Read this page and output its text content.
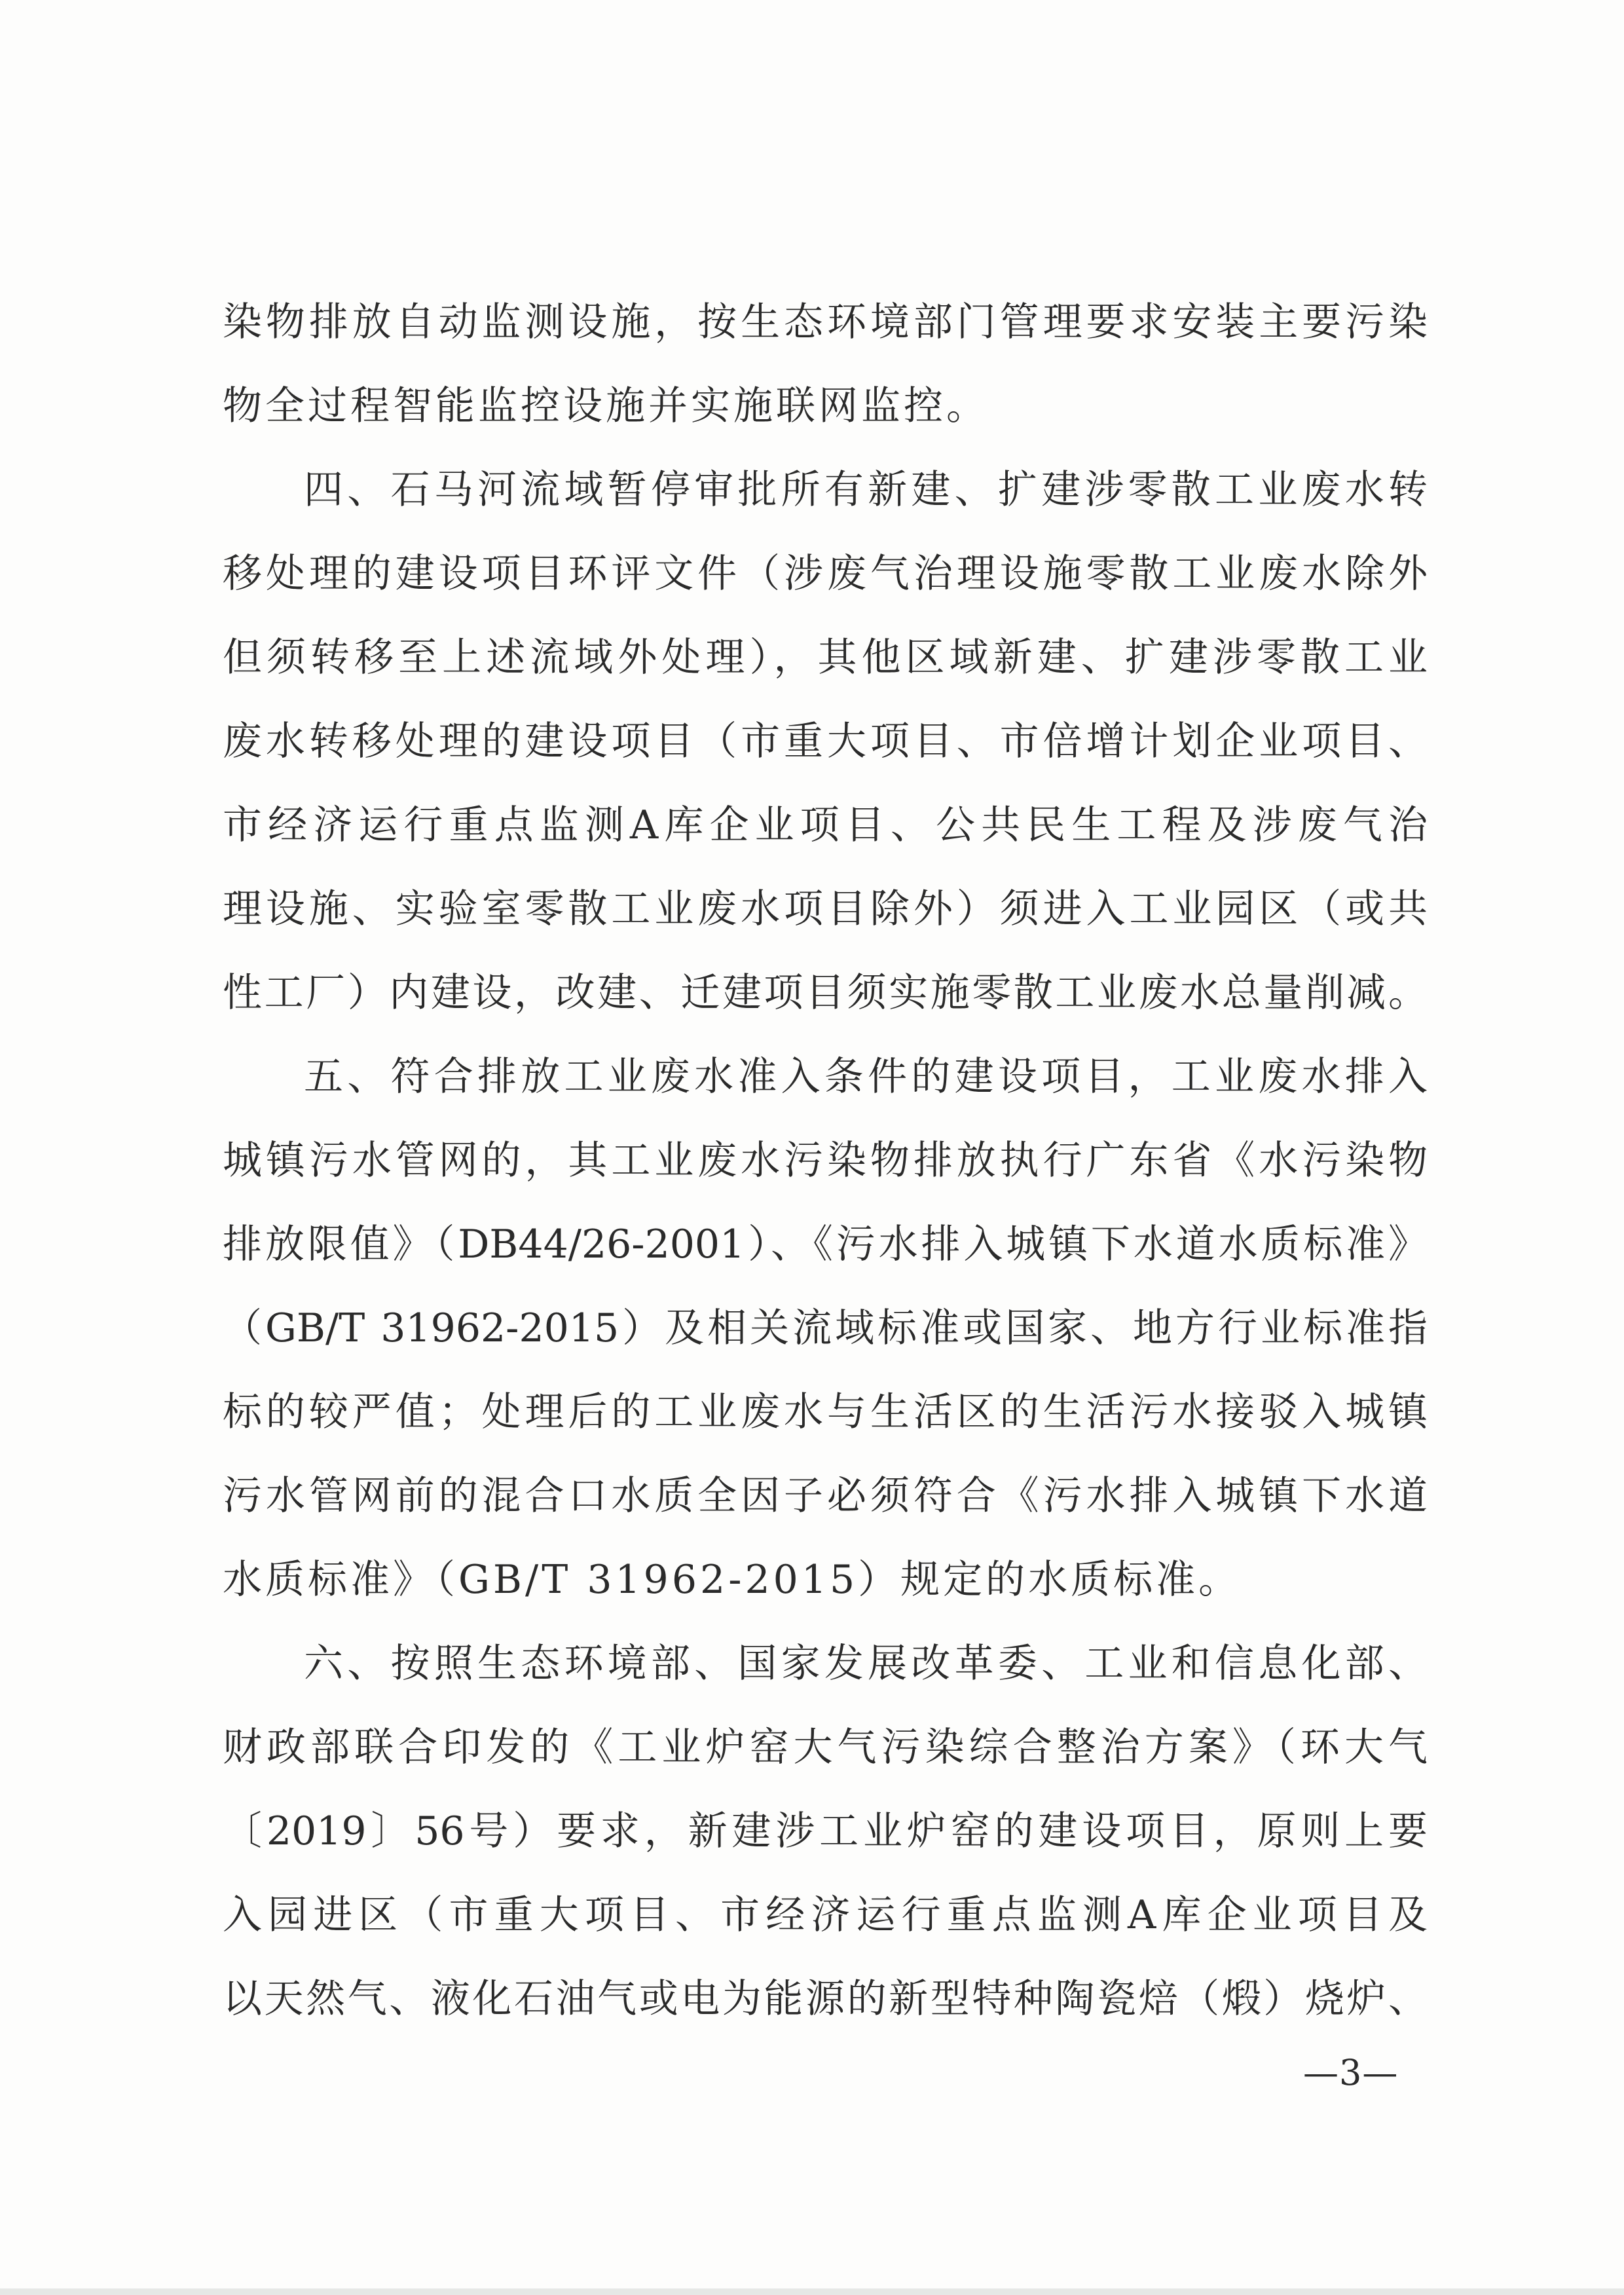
染物排放自动监测设施，按生态环境部门管理要求安装主要污染
物全过程智能监控设施并实施联网监控。
四、石马河流域暂停审批所有新建、扩建涉零散工业废水转
移处理的建设项目环评文件（涉废气治理设施零散工业废水除外
但须转移至上述流域外处理），其他区域新建、扩建涉零散工业
废水转移处理的建设项目（市重大项目、市倍增计划企业项目、
市经济运行重点监测A库企业项目、公共民生工程及涉废气治
理设施、实验室零散工业废水项目除外）须进入工业园区（或共
性工厂）内建设，改建、迁建项目须实施零散工业废水总量削减。
五、符合排放工业废水准入条件的建设项目，工业废水排入
城镇污水管网的，其工业废水污染物排放执行广东省《水污染物
排放限值》（DB44/26-2001）、《污水排入城镇下水道水质标准》
（GB/T 31962-2015）及相关流域标准或国家、地方行业标准指
标的较严值；处理后的工业废水与生活区的生活污水接驳入城镇
污水管网前的混合口水质全因子必须符合《污水排入城镇下水道
水质标准》（GB/T 31962-2015）规定的水质标准。
六、按照生态环境部、国家发展改革委、工业和信息化部、
财政部联合印发的《工业炉窑大气污染综合整治方案》（环大气
〔2019〕56号）要求，新建涉工业炉窑的建设项目，原则上要
入园进区（市重大项目、市经济运行重点监测A库企业项目及
以天然气、液化石油气或电为能源的新型特种陶瓷焙（煅）烧炉、
—3—
